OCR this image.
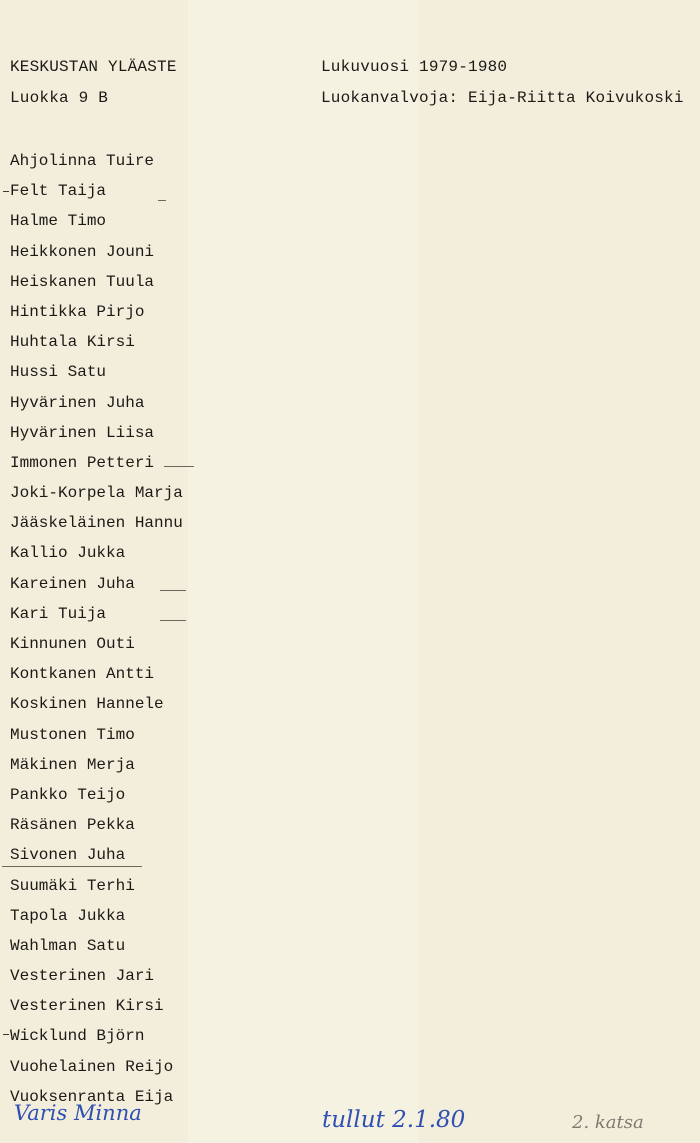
KESKUSTAN YLÄASTE
Luokka 9 B
Lukuvuosi 1979-1980
Luokanvalvoja: Eija-Riitta Koivukoski
Ahjolinna Tuire
Felt Taija
Halme Timo
Heikkonen Jouni
Heiskanen Tuula
Hintikka Pirjo
Huhtala Kirsi
Hussi Satu
Hyvärinen Juha
Hyvärinen Liisa
Immonen Petteri
Joki-Korpela Marja
Jääskeläinen Hannu
Kallio Jukka
Kareinen Juha
Kari Tuija
Kinnunen Outi
Kontkanen Antti
Koskinen Hannele
Mustonen Timo
Mäkinen Merja
Pankko Teijo
Räsänen Pekka
Sivonen Juha
Suumäki Terhi
Tapola Jukka
Wahlman Satu
Vesterinen Jari
Vesterinen Kirsi
Wicklund Björn
Vuohelainen Reijo
Vuoksenranta Eija
Varis Minna	tullut 2.1.80	2. katsa
